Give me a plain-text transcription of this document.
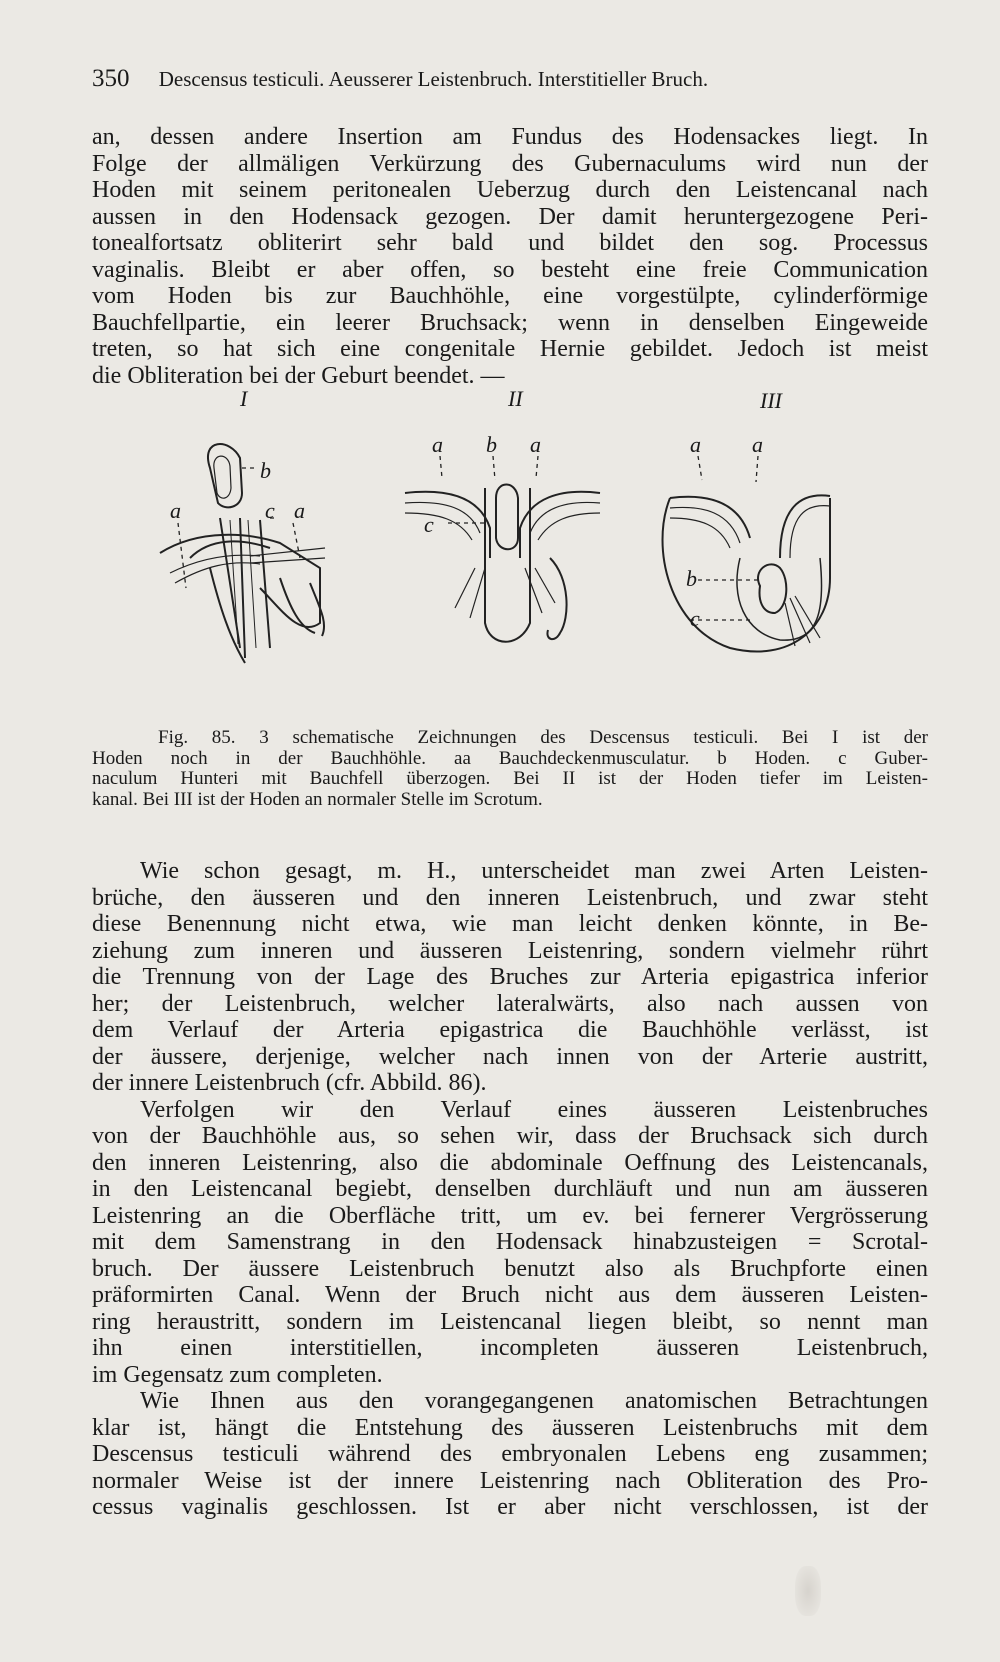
350 Descensus testiculi. Aeusserer Leistenbruch. Interstitieller Bruch.
an, dessen andere Insertion am Fundus des Hodensackes liegt. In
Folge der allmäligen Verkürzung des Gubernaculums wird nun der
Hoden mit seinem peritonealen Ueberzug durch den Leistencanal nach
aussen in den Hodensack gezogen. Der damit heruntergezogene Peri-
tonealfortsatz obliterirt sehr bald und bildet den sog. Processus
vaginalis. Bleibt er aber offen, so besteht eine freie Communication
vom Hoden bis zur Bauchhöhle, eine vorgestülpte, cylinderförmige
Bauchfellpartie, ein leerer Bruchsack; wenn in denselben Eingeweide
treten, so hat sich eine congenitale Hernie gebildet. Jedoch ist meist
die Obliteration bei der Geburt beendet. —
I	II	III
b
a	c a
a b a
c
a a
b
c
Fig. 85. 3 schematische Zeichnungen des Descensus testiculi. Bei I ist der
Hoden noch in der Bauchhöhle. aa Bauchdeckenmusculatur. b Hoden. c Guber-
naculum Hunteri mit Bauchfell überzogen. Bei II ist der Hoden tiefer im Leisten-
kanal. Bei III ist der Hoden an normaler Stelle im Scrotum.
Wie schon gesagt, m. H., unterscheidet man zwei Arten Leisten-
brüche, den äusseren und den inneren Leistenbruch, und zwar steht
diese Benennung nicht etwa, wie man leicht denken könnte, in Be-
ziehung zum inneren und äusseren Leistenring, sondern vielmehr rührt
die Trennung von der Lage des Bruches zur Arteria epigastrica inferior
her; der Leistenbruch, welcher lateralwärts, also nach aussen von
dem Verlauf der Arteria epigastrica die Bauchhöhle verlässt, ist
der äussere, derjenige, welcher nach innen von der Arterie austritt,
der innere Leistenbruch (cfr. Abbild. 86).
Verfolgen wir den Verlauf eines äusseren Leistenbruches
von der Bauchhöhle aus, so sehen wir, dass der Bruchsack sich durch
den inneren Leistenring, also die abdominale Oeffnung des Leistencanals,
in den Leistencanal begiebt, denselben durchläuft und nun am äusseren
Leistenring an die Oberfläche tritt, um ev. bei fernerer Vergrösserung
mit dem Samenstrang in den Hodensack hinabzusteigen = Scrotal-
bruch. Der äussere Leistenbruch benutzt also als Bruchpforte einen
präformirten Canal. Wenn der Bruch nicht aus dem äusseren Leisten-
ring heraustritt, sondern im Leistencanal liegen bleibt, so nennt man
ihn einen interstitiellen, incompleten äusseren Leistenbruch,
im Gegensatz zum completen.
Wie Ihnen aus den vorangegangenen anatomischen Betrachtungen
klar ist, hängt die Entstehung des äusseren Leistenbruchs mit dem
Descensus testiculi während des embryonalen Lebens eng zusammen;
normaler Weise ist der innere Leistenring nach Obliteration des Pro-
cessus vaginalis geschlossen. Ist er aber nicht verschlossen, ist der
